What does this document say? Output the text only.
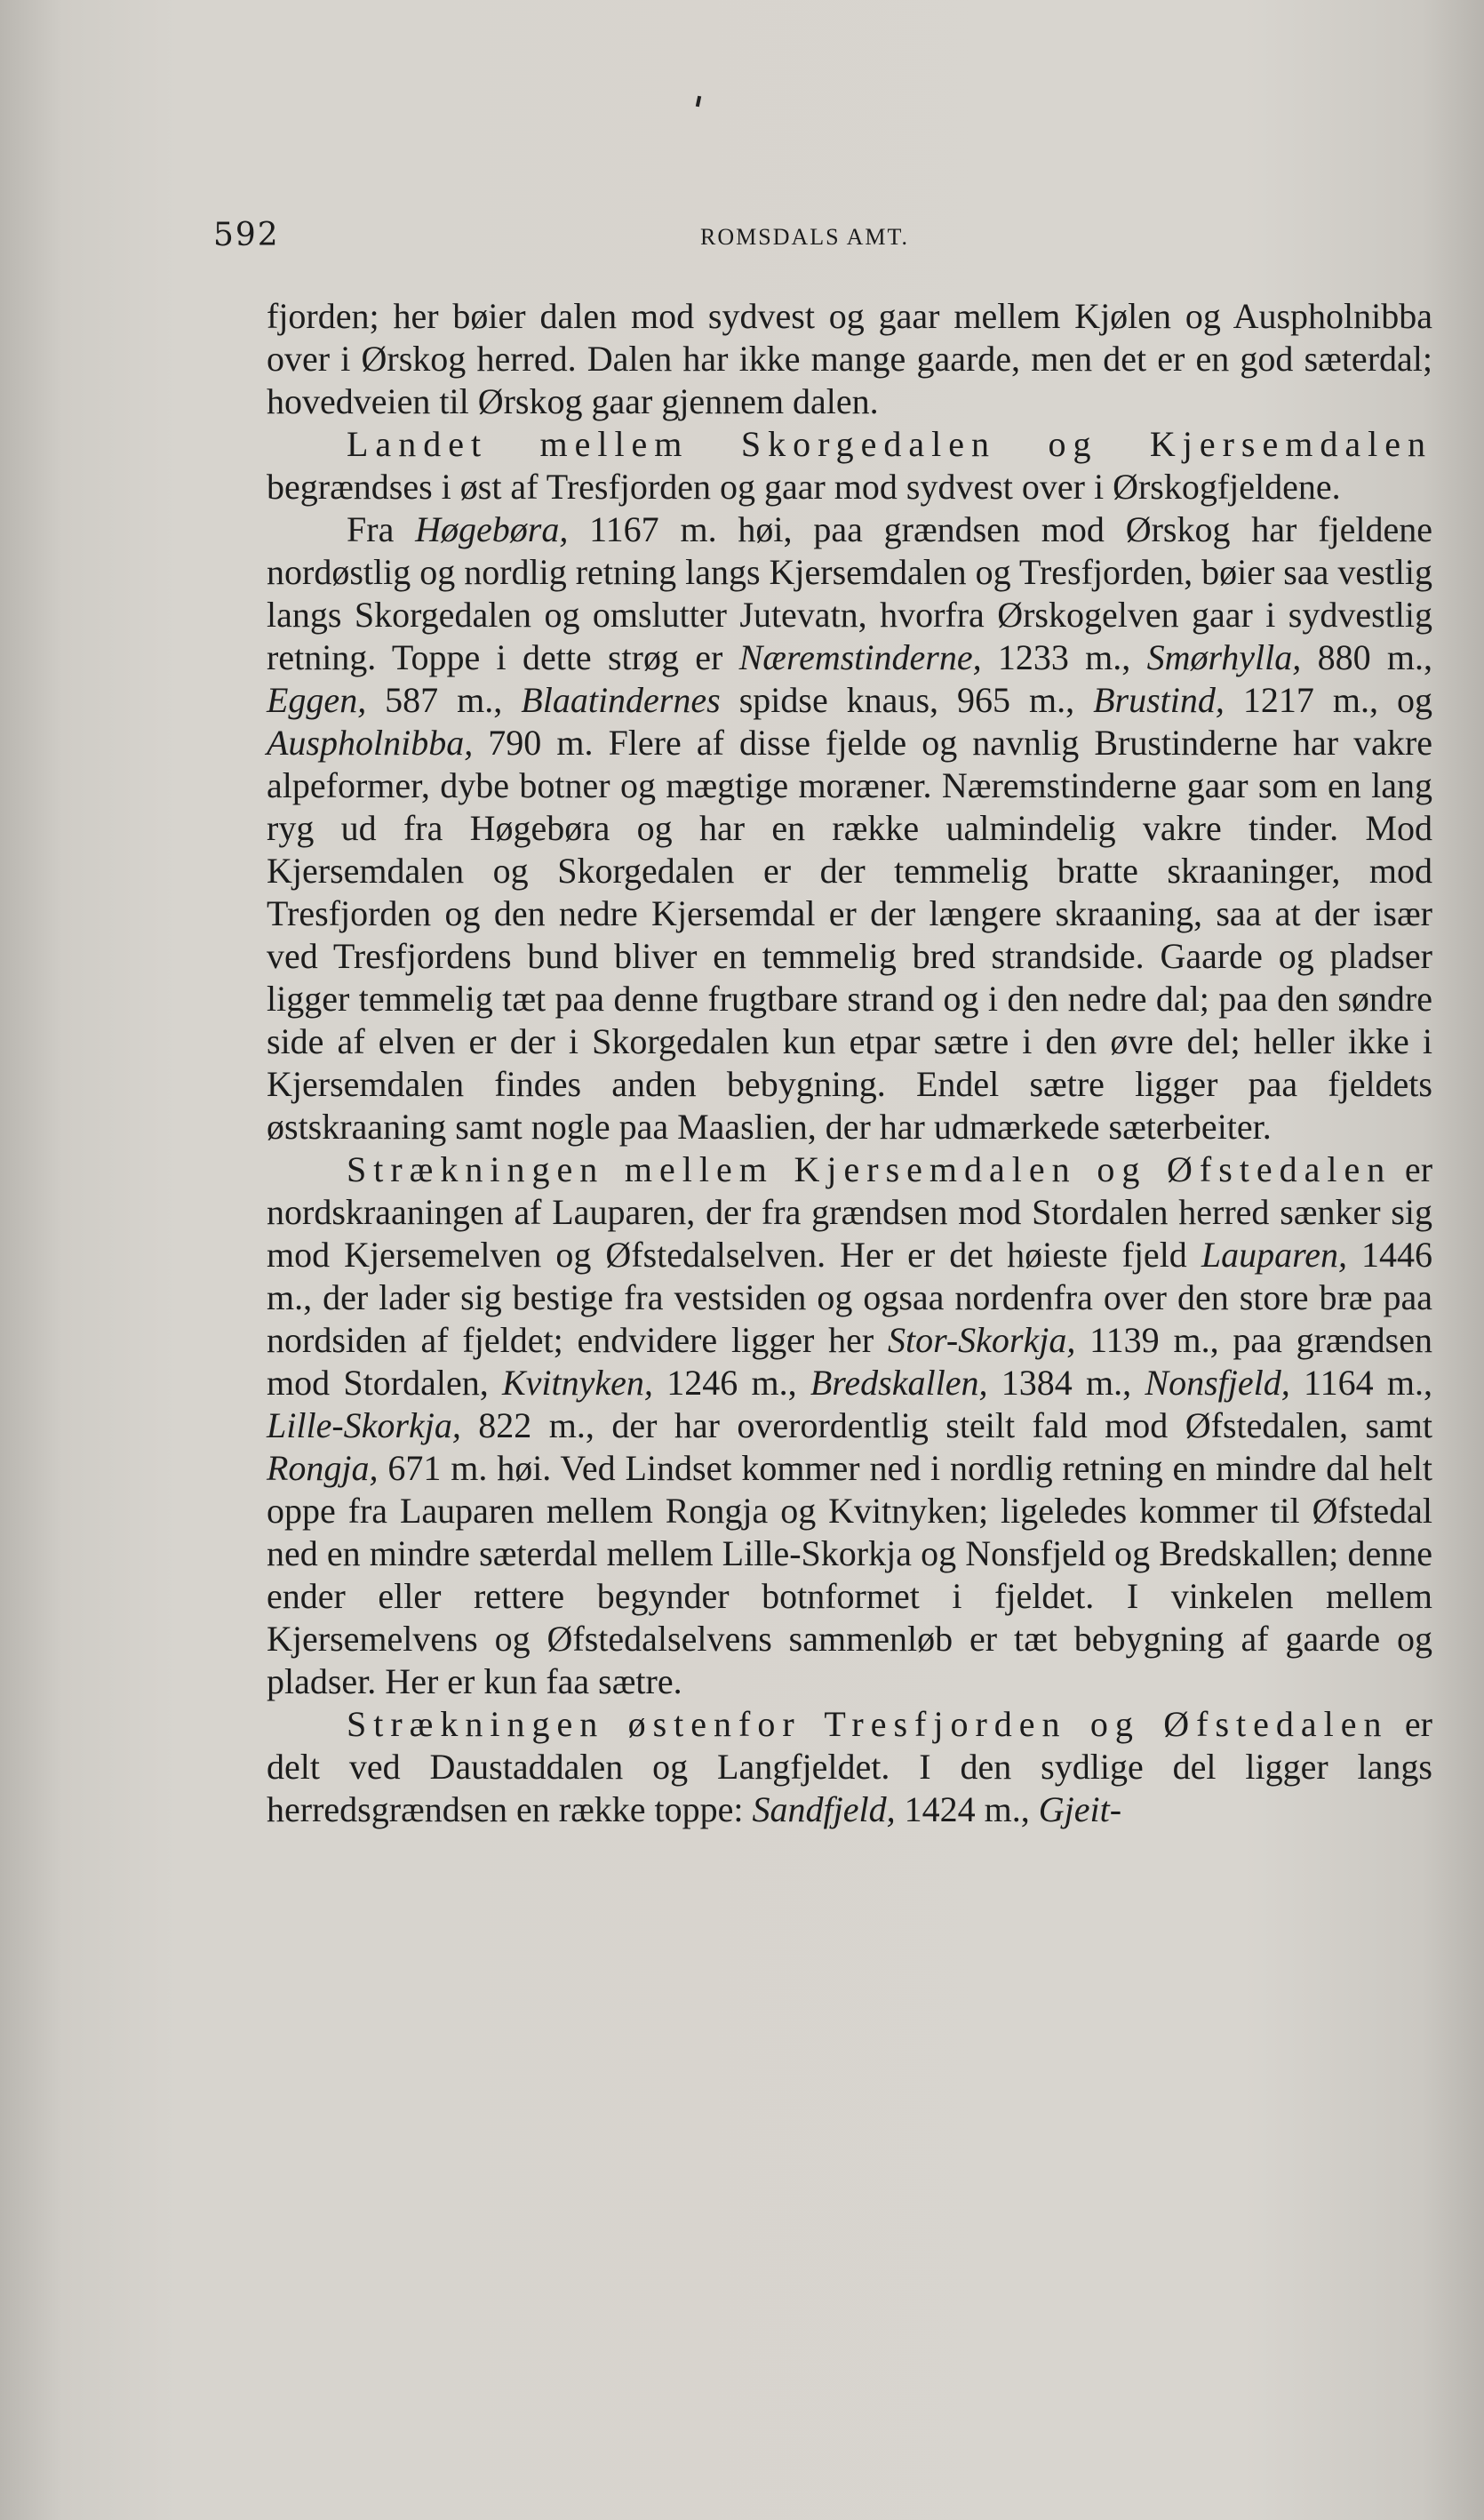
592	ROMSDALS AMT.

fjorden; her bøier dalen mod sydvest og gaar mellem Kjølen og Auspholnibba over i Ørskog herred. Dalen har ikke mange gaarde, men det er en god sæterdal; hovedveien til Ørskog gaar gjennem dalen.

Landet mellem Skorgedalen og Kjersemdalen begrændses i øst af Tresfjorden og gaar mod sydvest over i Ørskogfjeldene.

Fra Høgebøra, 1167 m. høi, paa grændsen mod Ørskog har fjeldene nordøstlig og nordlig retning langs Kjersemdalen og Tresfjorden, bøier saa vestlig langs Skorgedalen og omslutter Jutevatn, hvorfra Ørskogelven gaar i sydvestlig retning. Toppe i dette strøg er Næremstinderne, 1233 m., Smørhylla, 880 m., Eggen, 587 m., Blaatindernes spidse knaus, 965 m., Brustind, 1217 m., og Auspholnibba, 790 m. Flere af disse fjelde og navnlig Brustinderne har vakre alpeformer, dybe botner og mægtige moræner. Næremstinderne gaar som en lang ryg ud fra Høgebøra og har en række ualmindelig vakre tinder. Mod Kjersemdalen og Skorgedalen er der temmelig bratte skraaninger, mod Tresfjorden og den nedre Kjersemdal er der længere skraaning, saa at der især ved Tresfjordens bund bliver en temmelig bred strandside. Gaarde og pladser ligger temmelig tæt paa denne frugtbare strand og i den nedre dal; paa den søndre side af elven er der i Skorgedalen kun etpar sætre i den øvre del; heller ikke i Kjersemdalen findes anden bebygning. Endel sætre ligger paa fjeldets østskraaning samt nogle paa Maaslien, der har udmærkede sæterbeiter.

Strækningen mellem Kjersemdalen og Øfstedalen er nordskraaningen af Lauparen, der fra grændsen mod Stordalen herred sænker sig mod Kjersemelven og Øfstedalselven. Her er det høieste fjeld Lauparen, 1446 m., der lader sig bestige fra vestsiden og ogsaa nordenfra over den store bræ paa nordsiden af fjeldet; endvidere ligger her Stor-Skorkja, 1139 m., paa grændsen mod Stordalen, Kvitnyken, 1246 m., Bredskallen, 1384 m., Nonsfjeld, 1164 m., Lille-Skorkja, 822 m., der har overordentlig steilt fald mod Øfstedalen, samt Rongja, 671 m. høi. Ved Lindset kommer ned i nordlig retning en mindre dal helt oppe fra Lauparen mellem Rongja og Kvitnyken; ligeledes kommer til Øfstedal ned en mindre sæterdal mellem Lille-Skorkja og Nonsfjeld og Bredskallen; denne ender eller rettere begynder botnformet i fjeldet. I vinkelen mellem Kjersemelvens og Øfstedalselvens sammenløb er tæt bebygning af gaarde og pladser. Her er kun faa sætre.

Strækningen østenfor Tresfjorden og Øfstedalen er delt ved Daustaddalen og Langfjeldet. I den sydlige del ligger langs herredsgrændsen en række toppe: Sandfjeld, 1424 m., Gjeit-
